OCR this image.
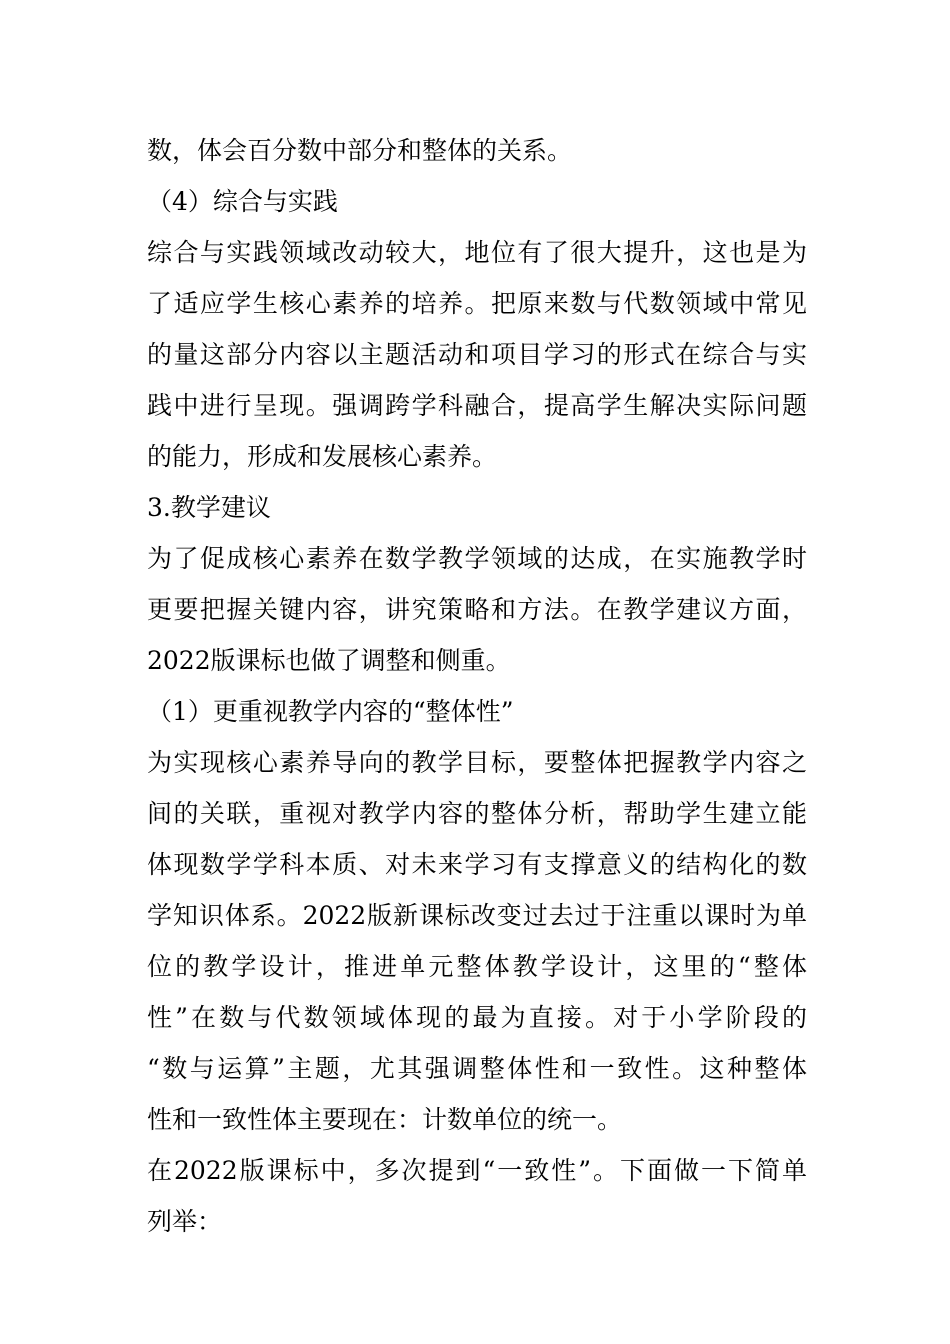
数，体会百分数中部分和整体的关系。
（4）综合与实践
综合与实践领域改动较大，地位有了很大提升，这也是为
了适应学生核心素养的培养。把原来数与代数领域中常见
的量这部分内容以主题活动和项目学习的形式在综合与实
践中进行呈现。强调跨学科融合，提高学生解决实际问题
的能力，形成和发展核心素养。
3.教学建议
为了促成核心素养在数学教学领域的达成，在实施教学时
更要把握关键内容，讲究策略和方法。在教学建议方面，
2022版课标也做了调整和侧重。
（1）更重视教学内容的“整体性”
为实现核心素养导向的教学目标，要整体把握教学内容之
间的关联，重视对教学内容的整体分析，帮助学生建立能
体现数学学科本质、对未来学习有支撑意义的结构化的数
学知识体系。2022版新课标改变过去过于注重以课时为单
位的教学设计，推进单元整体教学设计，这里的“整体
性”在数与代数领域体现的最为直接。对于小学阶段的
“数与运算”主题，尤其强调整体性和一致性。这种整体
性和一致性体主要现在：计数单位的统一。
在2022版课标中，多次提到“一致性”。下面做一下简单
列举：
